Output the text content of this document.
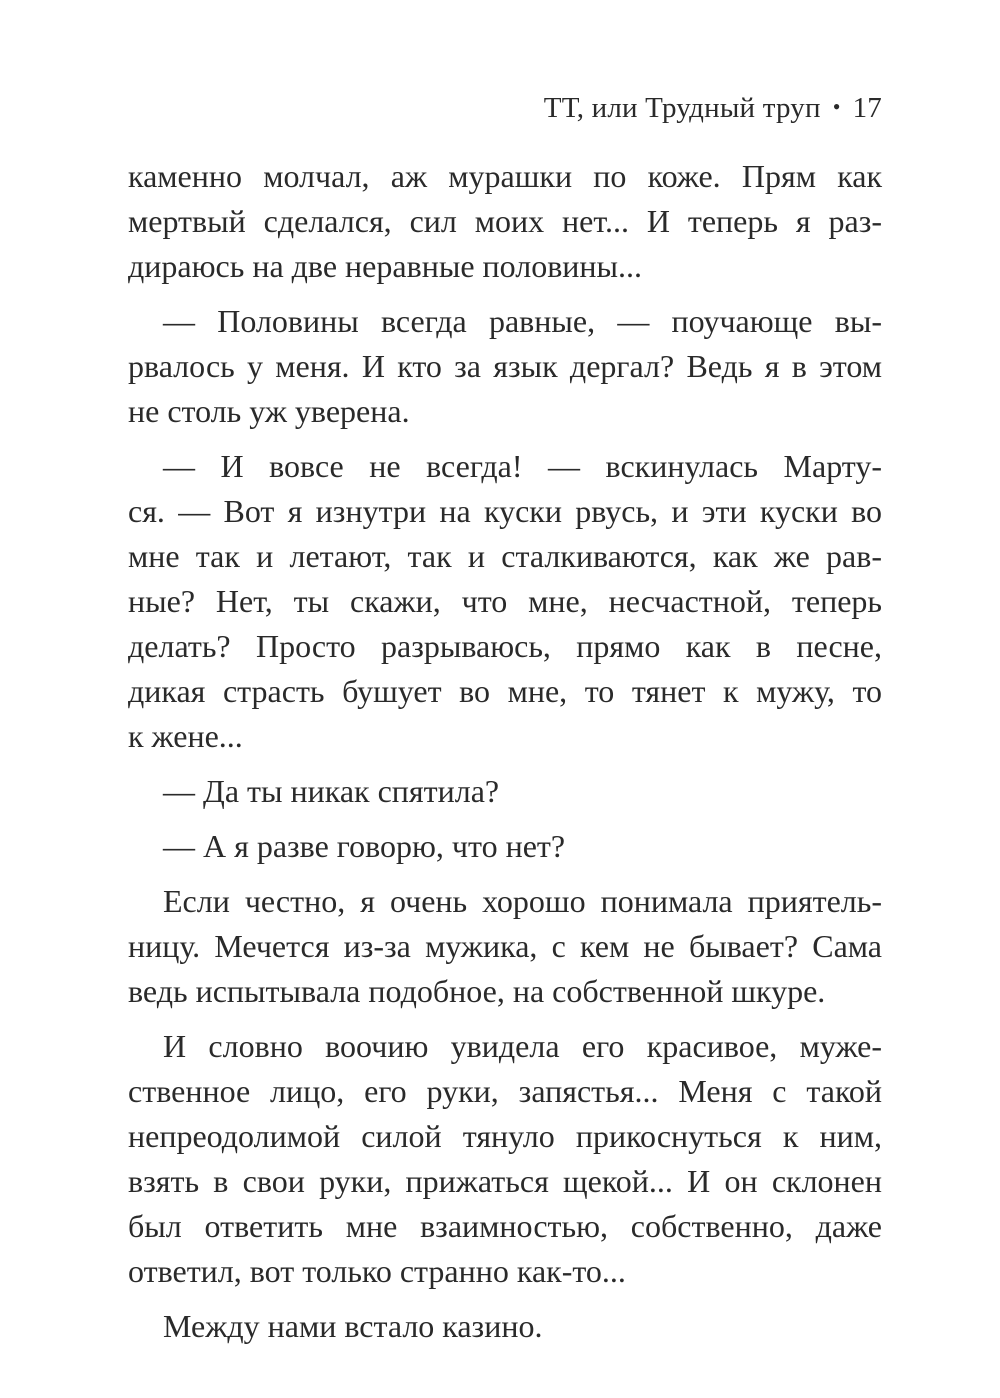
ТТ, или Трудный труп • 17
каменно молчал, аж мурашки по коже. Прям как
мертвый сделался, сил моих нет... И теперь я раз-
дираюсь на две неравные половины...
— Половины всегда равные, — поучающе вы-
рвалось у меня. И кто за язык дергал? Ведь я в этом
не столь уж уверена.
— И вовсе не всегда! — вскинулась Марту-
ся. — Вот я изнутри на куски рвусь, и эти куски во
мне так и летают, так и сталкиваются, как же рав-
ные? Нет, ты скажи, что мне, несчастной, теперь
делать? Просто разрываюсь, прямо как в песне,
дикая страсть бушует во мне, то тянет к мужу, то
к жене...
— Да ты никак спятила?
— А я разве говорю, что нет?
Если честно, я очень хорошо понимала приятель-
ницу. Мечется из-за мужика, с кем не бывает? Сама
ведь испытывала подобное, на собственной шкуре.
И словно воочию увидела его красивое, муже-
ственное лицо, его руки, запястья... Меня с такой
непреодолимой силой тянуло прикоснуться к ним,
взять в свои руки, прижаться щекой... И он склонен
был ответить мне взаимностью, собственно, даже
ответил, вот только странно как-то...
Между нами встало казино.
